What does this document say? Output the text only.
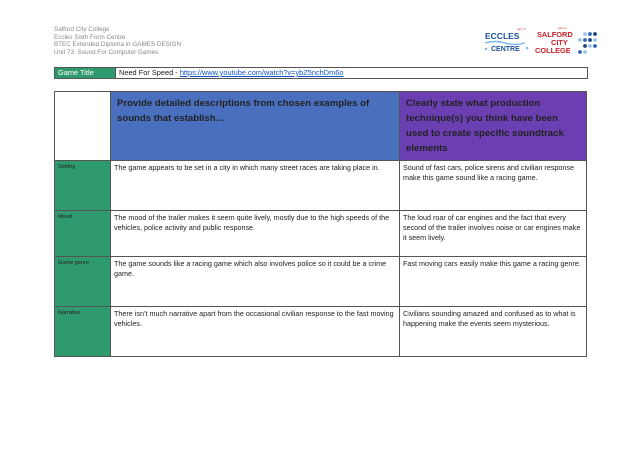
Salford City College
Eccles Sixth Form Centre
BTEC Extended Diploma in GAMES DESIGN
Unit 73: Sound For Computer Games
part of
ECCLES
CENTRE
part of
SALFORD
CITY
COLLEGE
Game Title	Need For Speed - https://www.youtube.com/watch?v=ybZ5nchDm6o
	Provide detailed descriptions from chosen examples of sounds that establish…	Clearly state what production technique(s) you think have been used to create specific soundtrack elements
Setting	The game appears to be set in a city in which many street races are taking place in.	Sound of fast cars, police sirens and civilian response make this game sound like a racing game.
Mood	The mood of the trailer makes it seem quite lively, mostly due to the high speeds of the vehicles, police activity and public response.	The loud roar of car engines and the fact that every second of the trailer involves noise or car engines make it seem lively.
Game genre	The game sounds like a racing game which also involves police so it could be a crime game.	Fast moving cars easily make this game a racing genre.
Narrative	There isn’t much narrative apart from the occasional civilian response to the fast moving vehicles.	Civilians sounding amazed and confused as to what is happening make the events seem mysterious.
